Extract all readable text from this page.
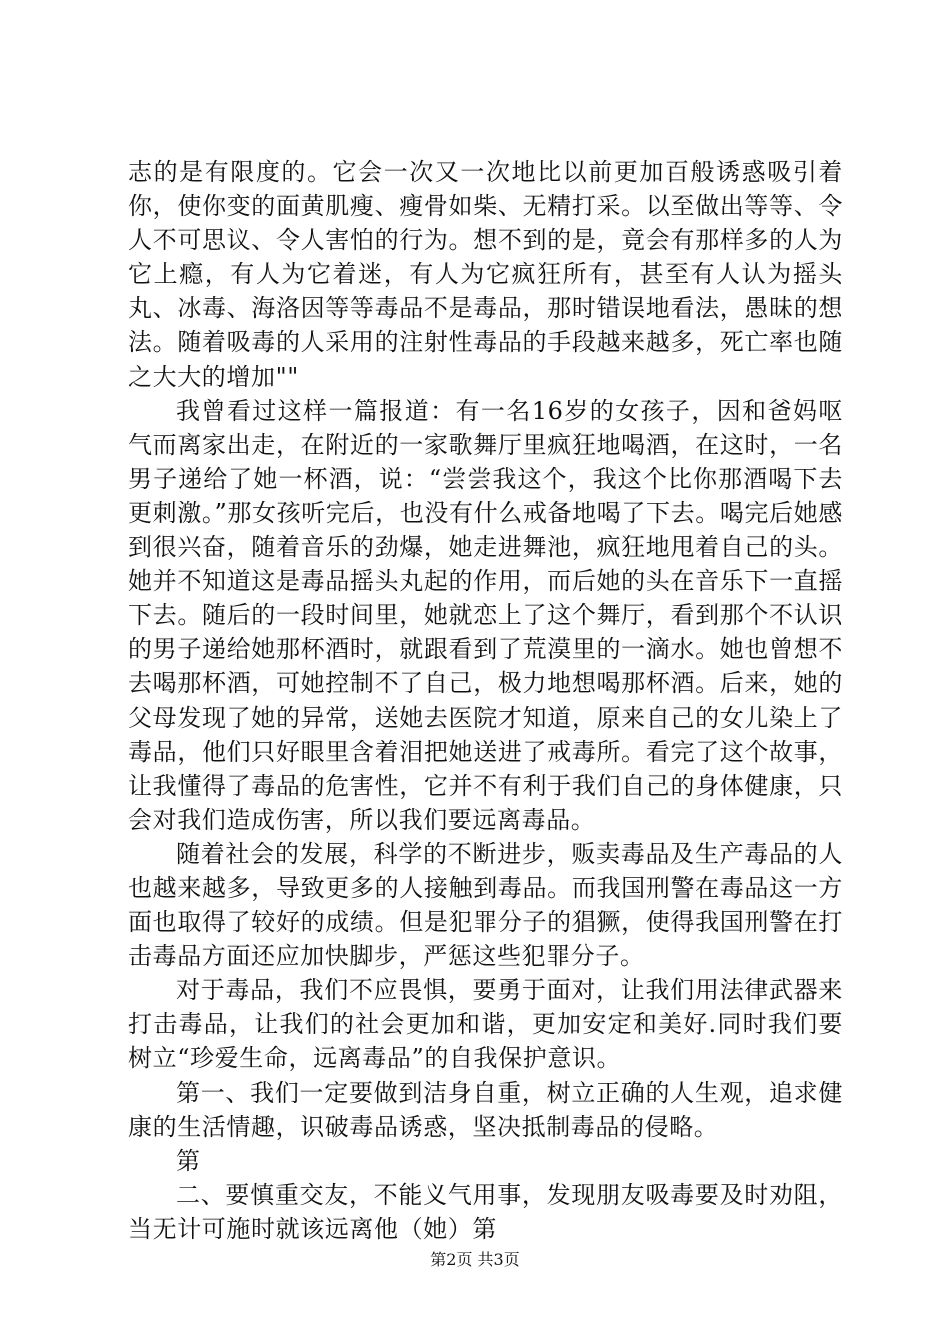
志的是有限度的。它会一次又一次地比以前更加百般诱惑吸引着你，使你变的面黄肌瘦、瘦骨如柴、无精打采。以至做出等等、令人不可思议、令人害怕的行为。想不到的是，竟会有那样多的人为它上瘾，有人为它着迷，有人为它疯狂所有，甚至有人认为摇头丸、冰毒、海洛因等等毒品不是毒品，那时错误地看法，愚昧的想法。随着吸毒的人采用的注射性毒品的手段越来越多，死亡率也随之大大的增加""

我曾看过这样一篇报道：有一名16岁的女孩子，因和爸妈呕气而离家出走，在附近的一家歌舞厅里疯狂地喝酒，在这时，一名男子递给了她一杯酒，说：“尝尝我这个，我这个比你那酒喝下去更刺激。”那女孩听完后，也没有什么戒备地喝了下去。喝完后她感到很兴奋，随着音乐的劲爆，她走进舞池，疯狂地甩着自己的头。她并不知道这是毒品摇头丸起的作用，而后她的头在音乐下一直摇下去。随后的一段时间里，她就恋上了这个舞厅，看到那个不认识的男子递给她那杯酒时，就跟看到了荒漠里的一滴水。她也曾想不去喝那杯酒，可她控制不了自己，极力地想喝那杯酒。后来，她的父母发现了她的异常，送她去医院才知道，原来自己的女儿染上了毒品，他们只好眼里含着泪把她送进了戒毒所。看完了这个故事，让我懂得了毒品的危害性，它并不有利于我们自己的身体健康，只会对我们造成伤害，所以我们要远离毒品。

随着社会的发展，科学的不断进步，贩卖毒品及生产毒品的人也越来越多，导致更多的人接触到毒品。而我国刑警在毒品这一方面也取得了较好的成绩。但是犯罪分子的猖獗，使得我国刑警在打击毒品方面还应加快脚步，严惩这些犯罪分子。

对于毒品，我们不应畏惧，要勇于面对，让我们用法律武器来打击毒品，让我们的社会更加和谐，更加安定和美好.同时我们要树立“珍爱生命，远离毒品”的自我保护意识。

第一、我们一定要做到洁身自重，树立正确的人生观，追求健康的生活情趣，识破毒品诱惑，坚决抵制毒品的侵略。

第

二、要慎重交友，不能义气用事，发现朋友吸毒要及时劝阻，当无计可施时就该远离他（她）第

第2页 共3页
